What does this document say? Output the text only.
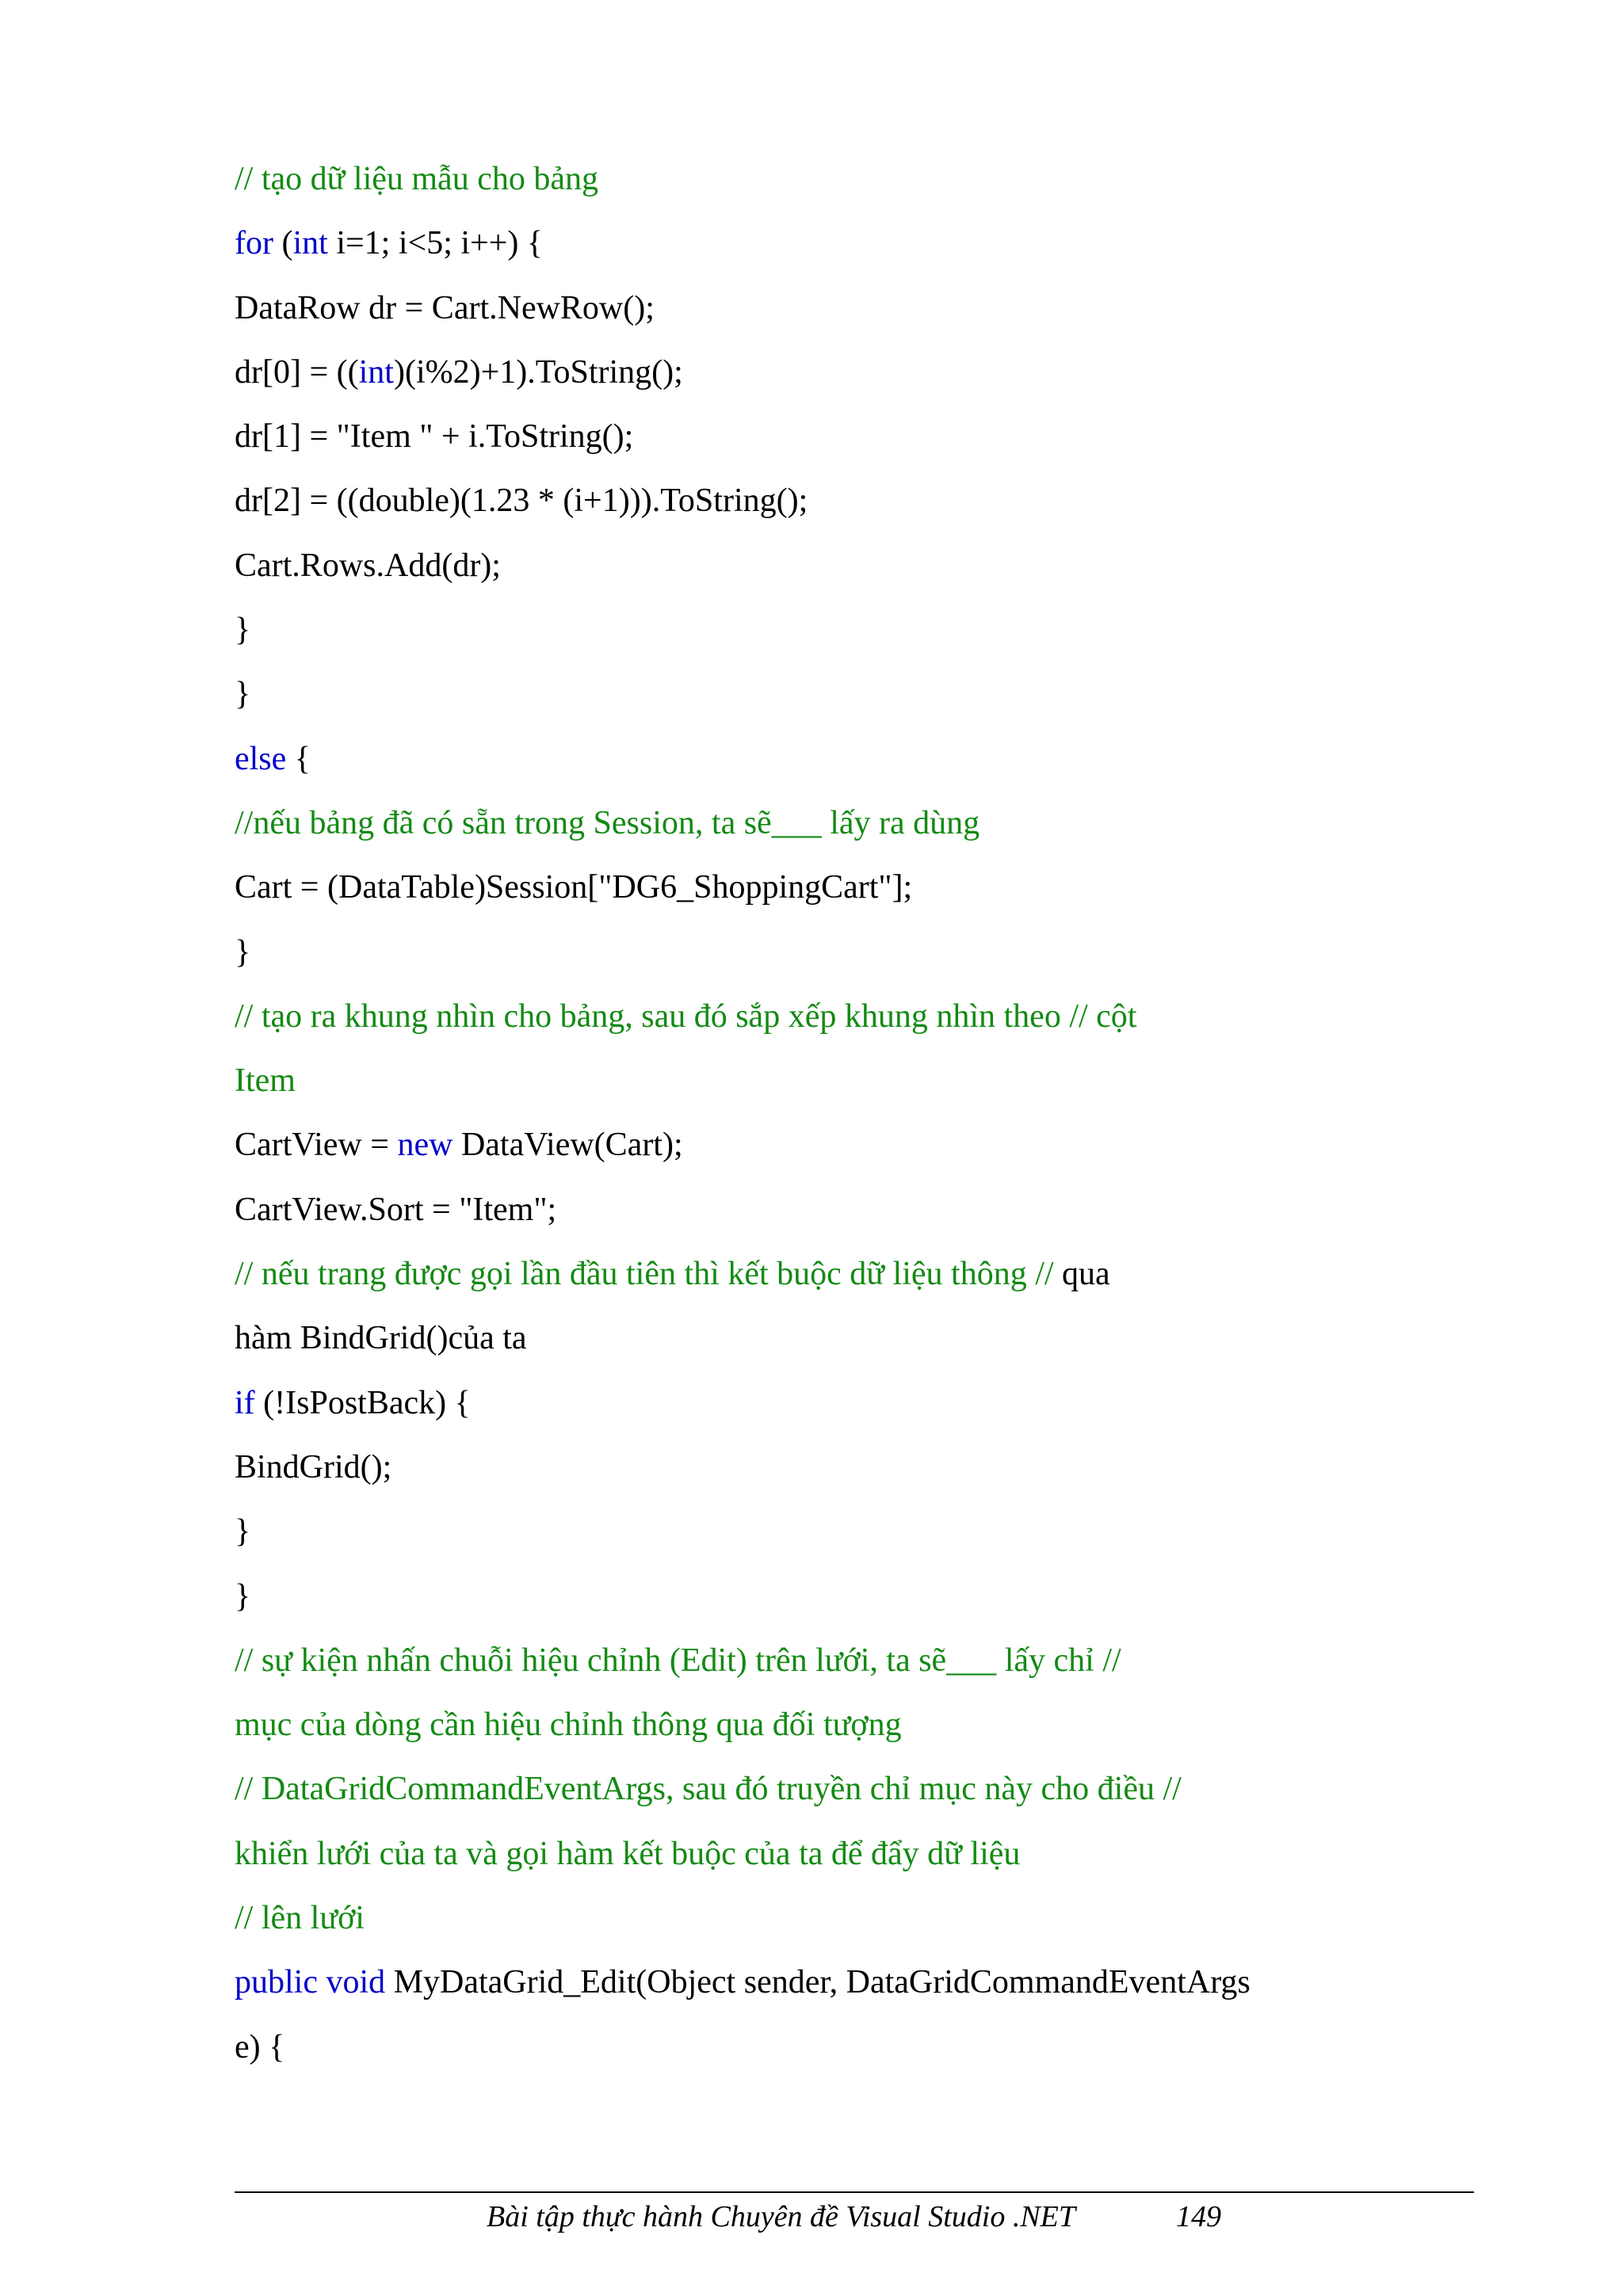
// tạo dữ liệu mẫu cho bảng
for (int i=1; i<5; i++) {
DataRow dr = Cart.NewRow();
dr[0] = ((int)(i%2)+1).ToString();
dr[1] = "Item " + i.ToString();
dr[2] = ((double)(1.23 * (i+1))).ToString();
Cart.Rows.Add(dr);
}
}
else {
//nếu bảng đã có sẵn trong Session, ta sẽ___ lấy ra dùng
Cart = (DataTable)Session["DG6_ShoppingCart"];
}
// tạo ra khung nhìn cho bảng, sau đó sắp xếp khung nhìn theo // cột
Item
CartView = new DataView(Cart);
CartView.Sort = "Item";
// nếu trang được gọi lần đầu tiên thì kết buộc dữ liệu thông // qua
hàm BindGrid()của ta
if (!IsPostBack) {
BindGrid();
}
}
// sự kiện nhấn chuỗi hiệu chỉnh (Edit) trên lưới, ta sẽ___ lấy chỉ //
mục của dòng cần hiệu chỉnh thông qua đối tượng
// DataGridCommandEventArgs, sau đó truyền chỉ mục này cho điều //
khiển lưới của ta và gọi hàm kết buộc của ta để đẩy dữ liệu
// lên lưới
public void MyDataGrid_Edit(Object sender, DataGridCommandEventArgs
e) {
Bài tập thực hành Chuyên đề Visual Studio .NET	149
